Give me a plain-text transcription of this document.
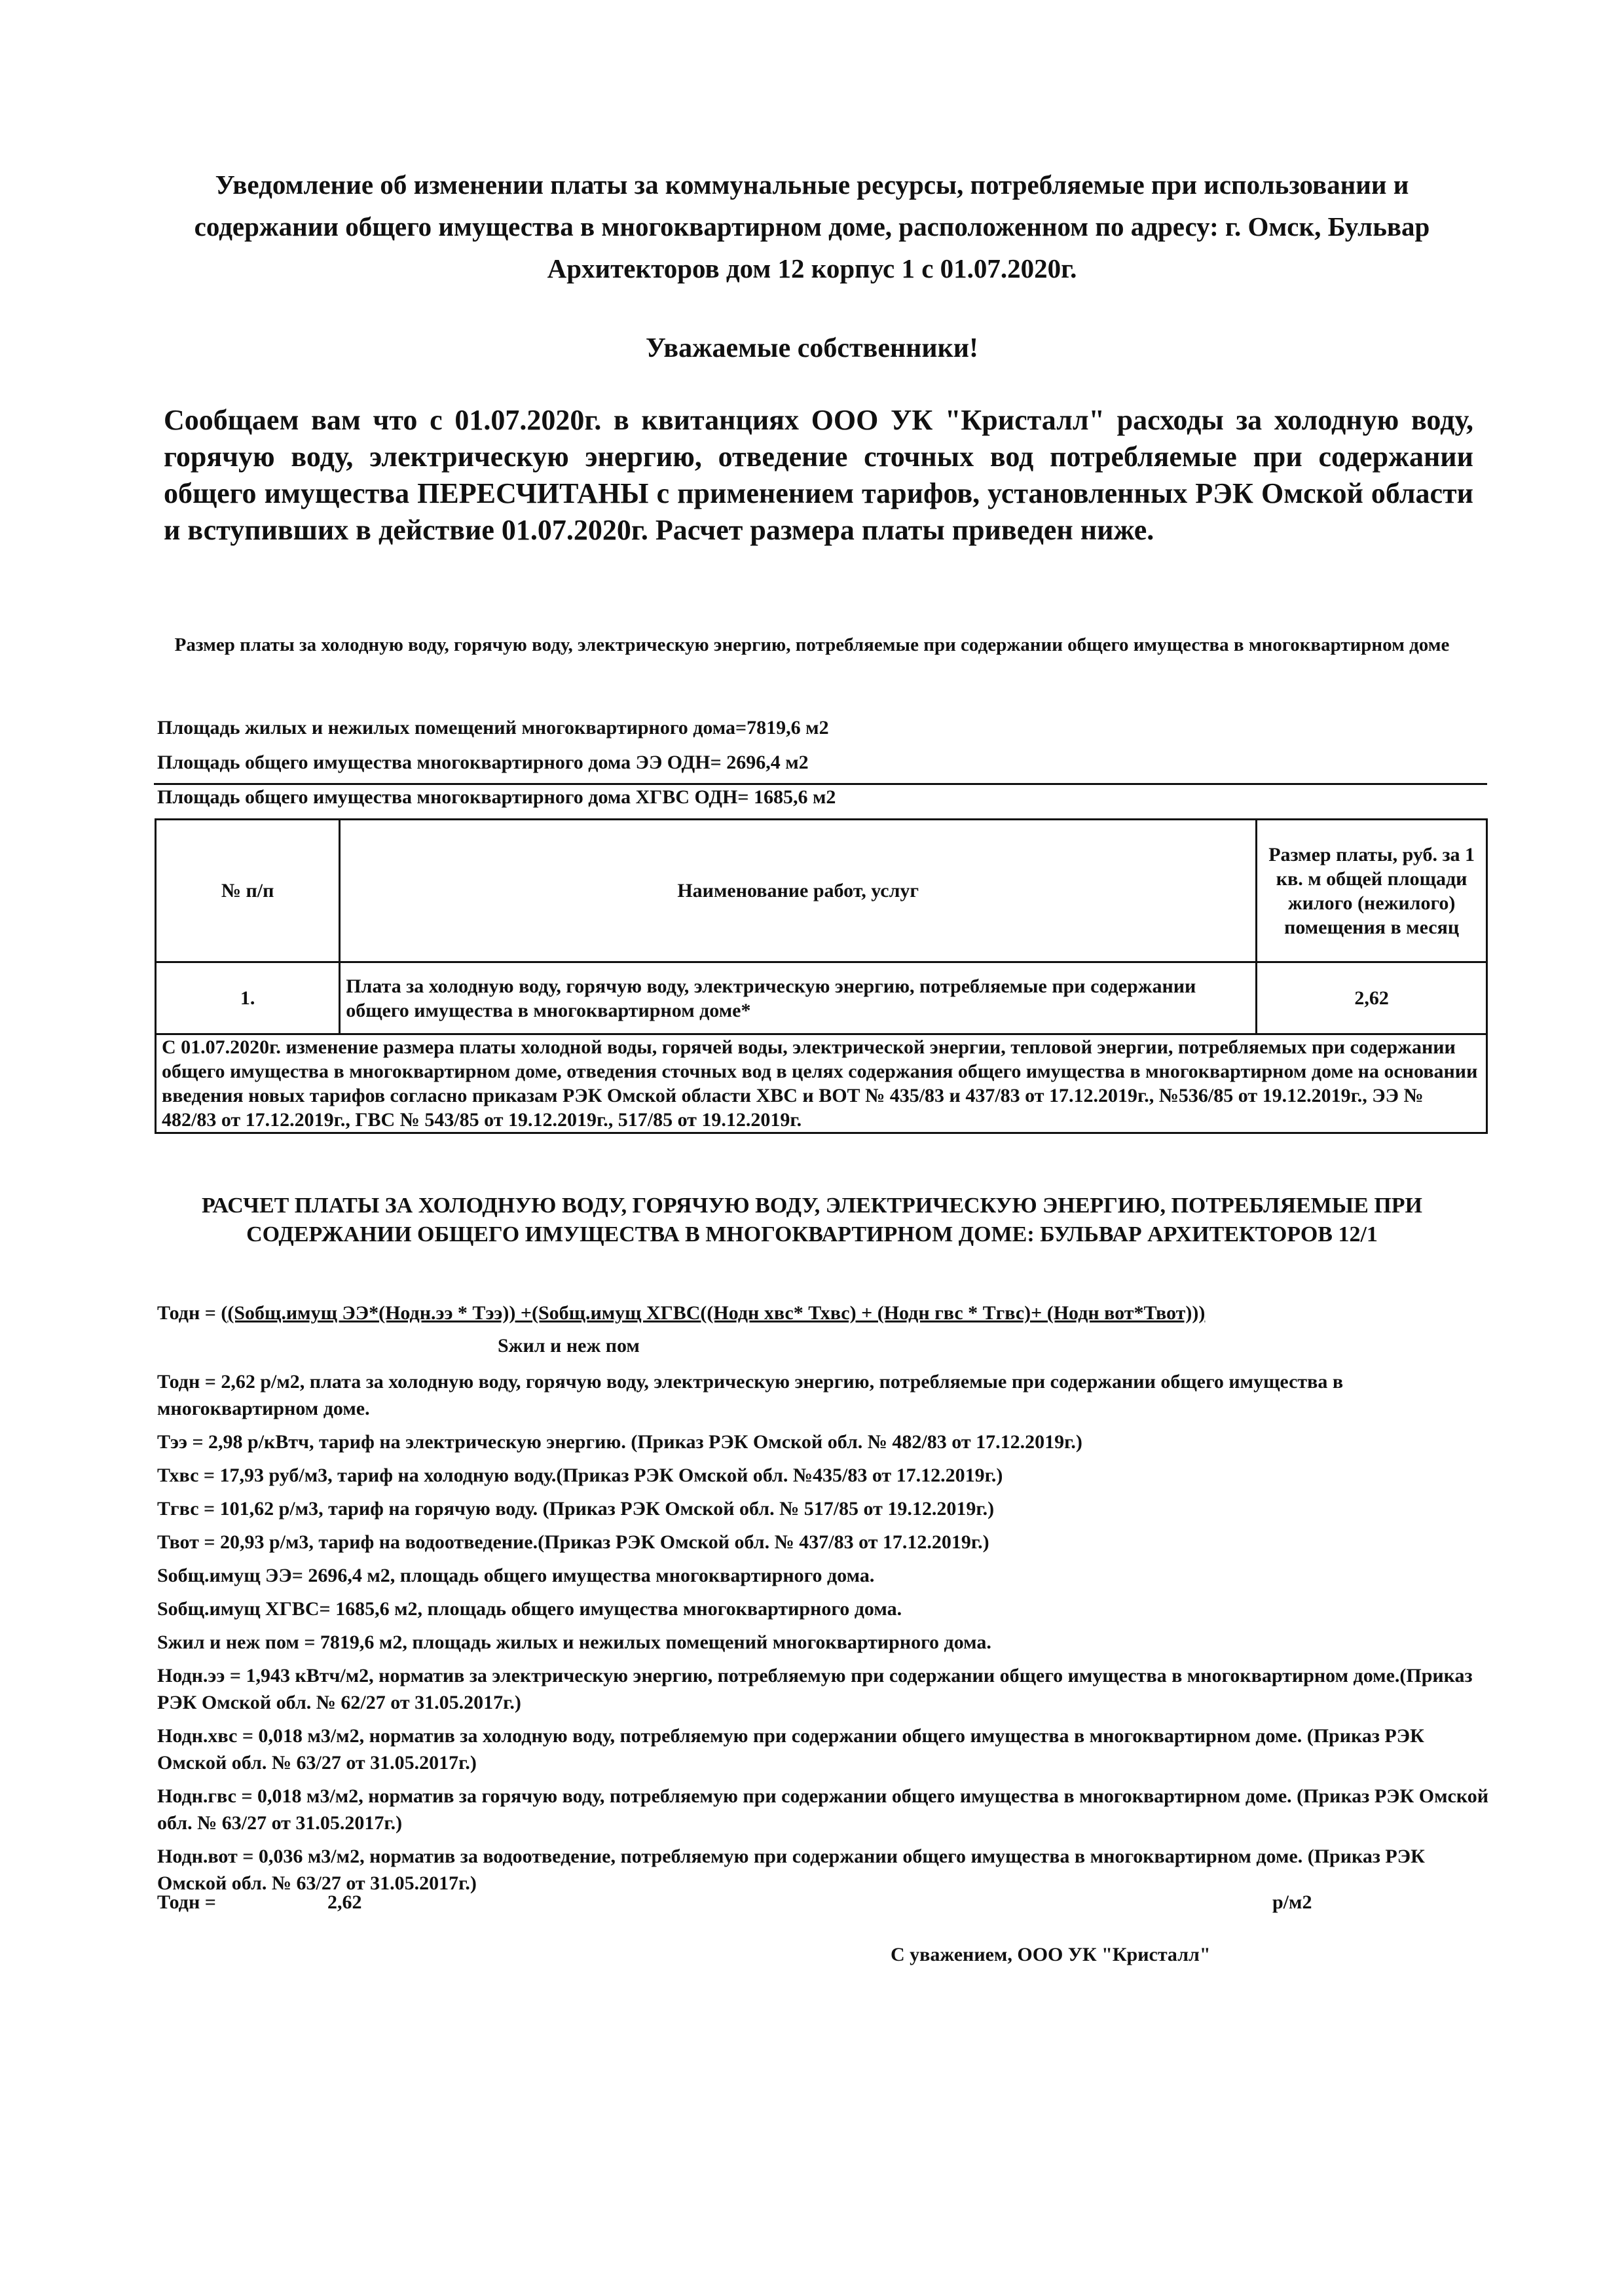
Уведомление об изменении платы за коммунальные ресурсы, потребляемые при использовании и содержании общего имущества в многоквартирном доме, расположенном по адресу: г. Омск, Бульвар Архитекторов дом 12 корпус 1 с 01.07.2020г.
Уважаемые собственники!
Сообщаем вам что с 01.07.2020г. в квитанциях ООО УК "Кристалл" расходы за холодную воду, горячую воду, электрическую энергию, отведение сточных вод потребляемые при содержании общего имущества ПЕРЕСЧИТАНЫ с применением тарифов, установленных РЭК Омской области и вступивших в действие 01.07.2020г. Расчет размера платы приведен ниже.
Размер платы за холодную воду, горячую воду, электрическую энергию, потребляемые при содержании общего имущества в многоквартирном доме
Площадь жилых и нежилых помещений многоквартирного дома=7819,6 м2
Площадь общего имущества многоквартирного дома ЭЭ ОДН= 2696,4 м2
Площадь общего имущества многоквартирного дома ХГВС ОДН= 1685,6 м2
№ п/п	Наименование работ, услуг	Размер платы, руб. за 1 кв. м общей площади жилого (нежилого) помещения в месяц
1.	Плата за холодную воду, горячую воду, электрическую энергию, потребляемые при содержании общего имущества в многоквартирном доме*	2,62
С 01.07.2020г. изменение размера платы холодной воды, горячей воды, электрической энергии, тепловой энергии, потребляемых при содержании общего имущества в многоквартирном доме, отведения сточных вод в целях содержания общего имущества в многоквартирном доме на основании введения новых тарифов согласно приказам РЭК Омской области ХВС и ВОТ № 435/83 и 437/83 от 17.12.2019г., №536/85 от 19.12.2019г., ЭЭ № 482/83 от 17.12.2019г., ГВС № 543/85 от 19.12.2019г., 517/85 от 19.12.2019г.		
РАСЧЕТ ПЛАТЫ ЗА ХОЛОДНУЮ ВОДУ, ГОРЯЧУЮ ВОДУ, ЭЛЕКТРИЧЕСКУЮ ЭНЕРГИЮ, ПОТРЕБЛЯЕМЫЕ ПРИ СОДЕРЖАНИИ ОБЩЕГО ИМУЩЕСТВА В МНОГОКВАРТИРНОМ ДОМЕ: БУЛЬВАР АРХИТЕКТОРОВ 12/1
Тодн = ((Sобщ.имущ ЭЭ*(Нодн.ээ * Тээ)) +(Sобщ.имущ ХГВС((Нодн хвс* Тхвс) + (Нодн гвс * Тгвс)+ (Нодн вот*Твот)))
Sжил и неж пом

Тодн = 2,62 р/м2, плата за холодную воду, горячую воду, электрическую энергию, потребляемые при содержании общего имущества в многоквартирном доме.

Тээ = 2,98 р/кВтч, тариф на электрическую энергию. (Приказ РЭК Омской обл. № 482/83 от 17.12.2019г.)

Тхвс = 17,93 руб/м3, тариф на холодную воду.(Приказ РЭК Омской обл. №435/83 от 17.12.2019г.)

Тгвс = 101,62 р/м3, тариф на горячую воду. (Приказ РЭК Омской обл. № 517/85 от 19.12.2019г.)

Твот = 20,93 р/м3, тариф на водоотведение.(Приказ РЭК Омской обл. № 437/83 от 17.12.2019г.)

Sобщ.имущ ЭЭ= 2696,4 м2, площадь общего имущества многоквартирного дома.

Sобщ.имущ ХГВС= 1685,6 м2, площадь общего имущества многоквартирного дома.

Sжил и неж пом = 7819,6 м2, площадь жилых и нежилых помещений многоквартирного дома.

Нодн.ээ = 1,943 кВтч/м2, норматив за электрическую энергию, потребляемую при содержании общего имущества в многоквартирном доме.(Приказ РЭК Омской обл. № 62/27 от 31.05.2017г.)

Нодн.хвс = 0,018 м3/м2, норматив за холодную воду, потребляемую при содержании общего имущества в многоквартирном доме. (Приказ РЭК Омской обл. № 63/27 от 31.05.2017г.)

Нодн.гвс = 0,018 м3/м2, норматив за горячую воду, потребляемую при содержании общего имущества в многоквартирном доме. (Приказ РЭК Омской обл. № 63/27 от 31.05.2017г.)

Нодн.вот = 0,036 м3/м2, норматив за водоотведение, потребляемую при содержании общего имущества в многоквартирном доме. (Приказ РЭК Омской обл. № 63/27 от 31.05.2017г.)

Тодн =	2,62	р/м2
С уважением, ООО УК "Кристалл"
